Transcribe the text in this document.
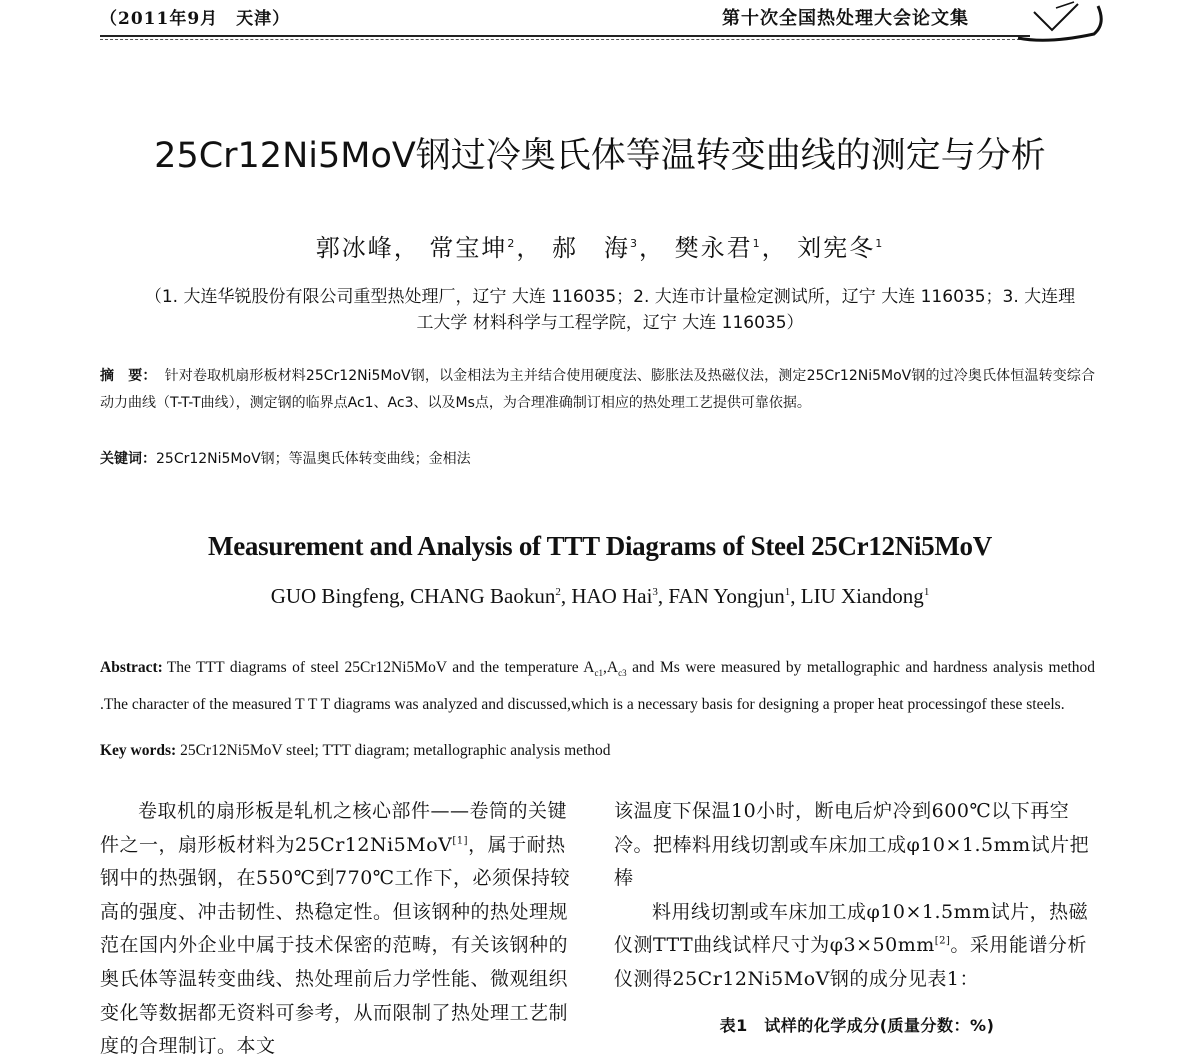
（2011年9月　天津）	第十次全国热处理大会论文集
25Cr12Ni5MoV钢过冷奥氏体等温转变曲线的测定与分析
郭冰峰， 常宝坤$^2$， 郝　海$^3$， 樊永君$^1$， 刘宪冬$^1$
（1. 大连华锐股份有限公司重型热处理厂，辽宁 大连 116035；2. 大连市计量检定测试所，辽宁 大连 116035；3. 大连理工大学 材料科学与工程学院，辽宁 大连 116035）
摘　要： 针对卷取机扇形板材料25Cr12Ni5MoV钢，以金相法为主并结合使用硬度法、膨胀法及热磁仪法，测定25Cr12Ni5MoV钢的过冷奥氏体恒温转变综合动力曲线（T-T-T曲线），测定钢的临界点Ac1、Ac3、以及Ms点，为合理准确制订相应的热处理工艺提供可靠依据。
关键词：25Cr12Ni5MoV钢；等温奥氏体转变曲线；金相法
Measurement and Analysis of TTT Diagrams of Steel 25Cr12Ni5MoV
GUO Bingfeng, CHANG Baokun$^2$, HAO Hai$^3$, FAN Yongjun$^1$, LIU Xiandong$^1$
Abstract: The TTT diagrams of steel 25Cr12Ni5MoV and the temperature $A_{c1},A_{c3}$ and Ms were measured by metallographic and hardness analysis method .The character of the measured T T T diagrams was analyzed and discussed,which is a necessary basis for designing a proper heat processingof these steels.
Key words: 25Cr12Ni5MoV steel; TTT diagram; metallographic analysis method

卷取机的扇形板是轧机之核心部件——卷筒的关键件之一，扇形板材料为25Cr12Ni5MoV[1]，属于耐热钢中的热强钢，在550℃到770℃工作下，必须保持较高的强度、冲击韧性、热稳定性。但该钢种的热处理规范在国内外企业中属于技术保密的范畴，有关该钢种的奥氏体等温转变曲线、热处理前后力学性能、微观组织变化等数据都无资料可参考，从而限制了热处理工艺制度的合理制订。本文

该温度下保温10小时，断电后炉冷到600℃以下再空冷。把棒料用线切割或车床加工成φ10×1.5mm试片把棒

料用线切割或车床加工成φ10×1.5mm试片，热磁仪测TTT曲线试样尺寸为φ3×50mm[2]。采用能谱分析仪测得25Cr12Ni5MoV钢的成分见表1：

表1　试样的化学成分(质量分数：%)
